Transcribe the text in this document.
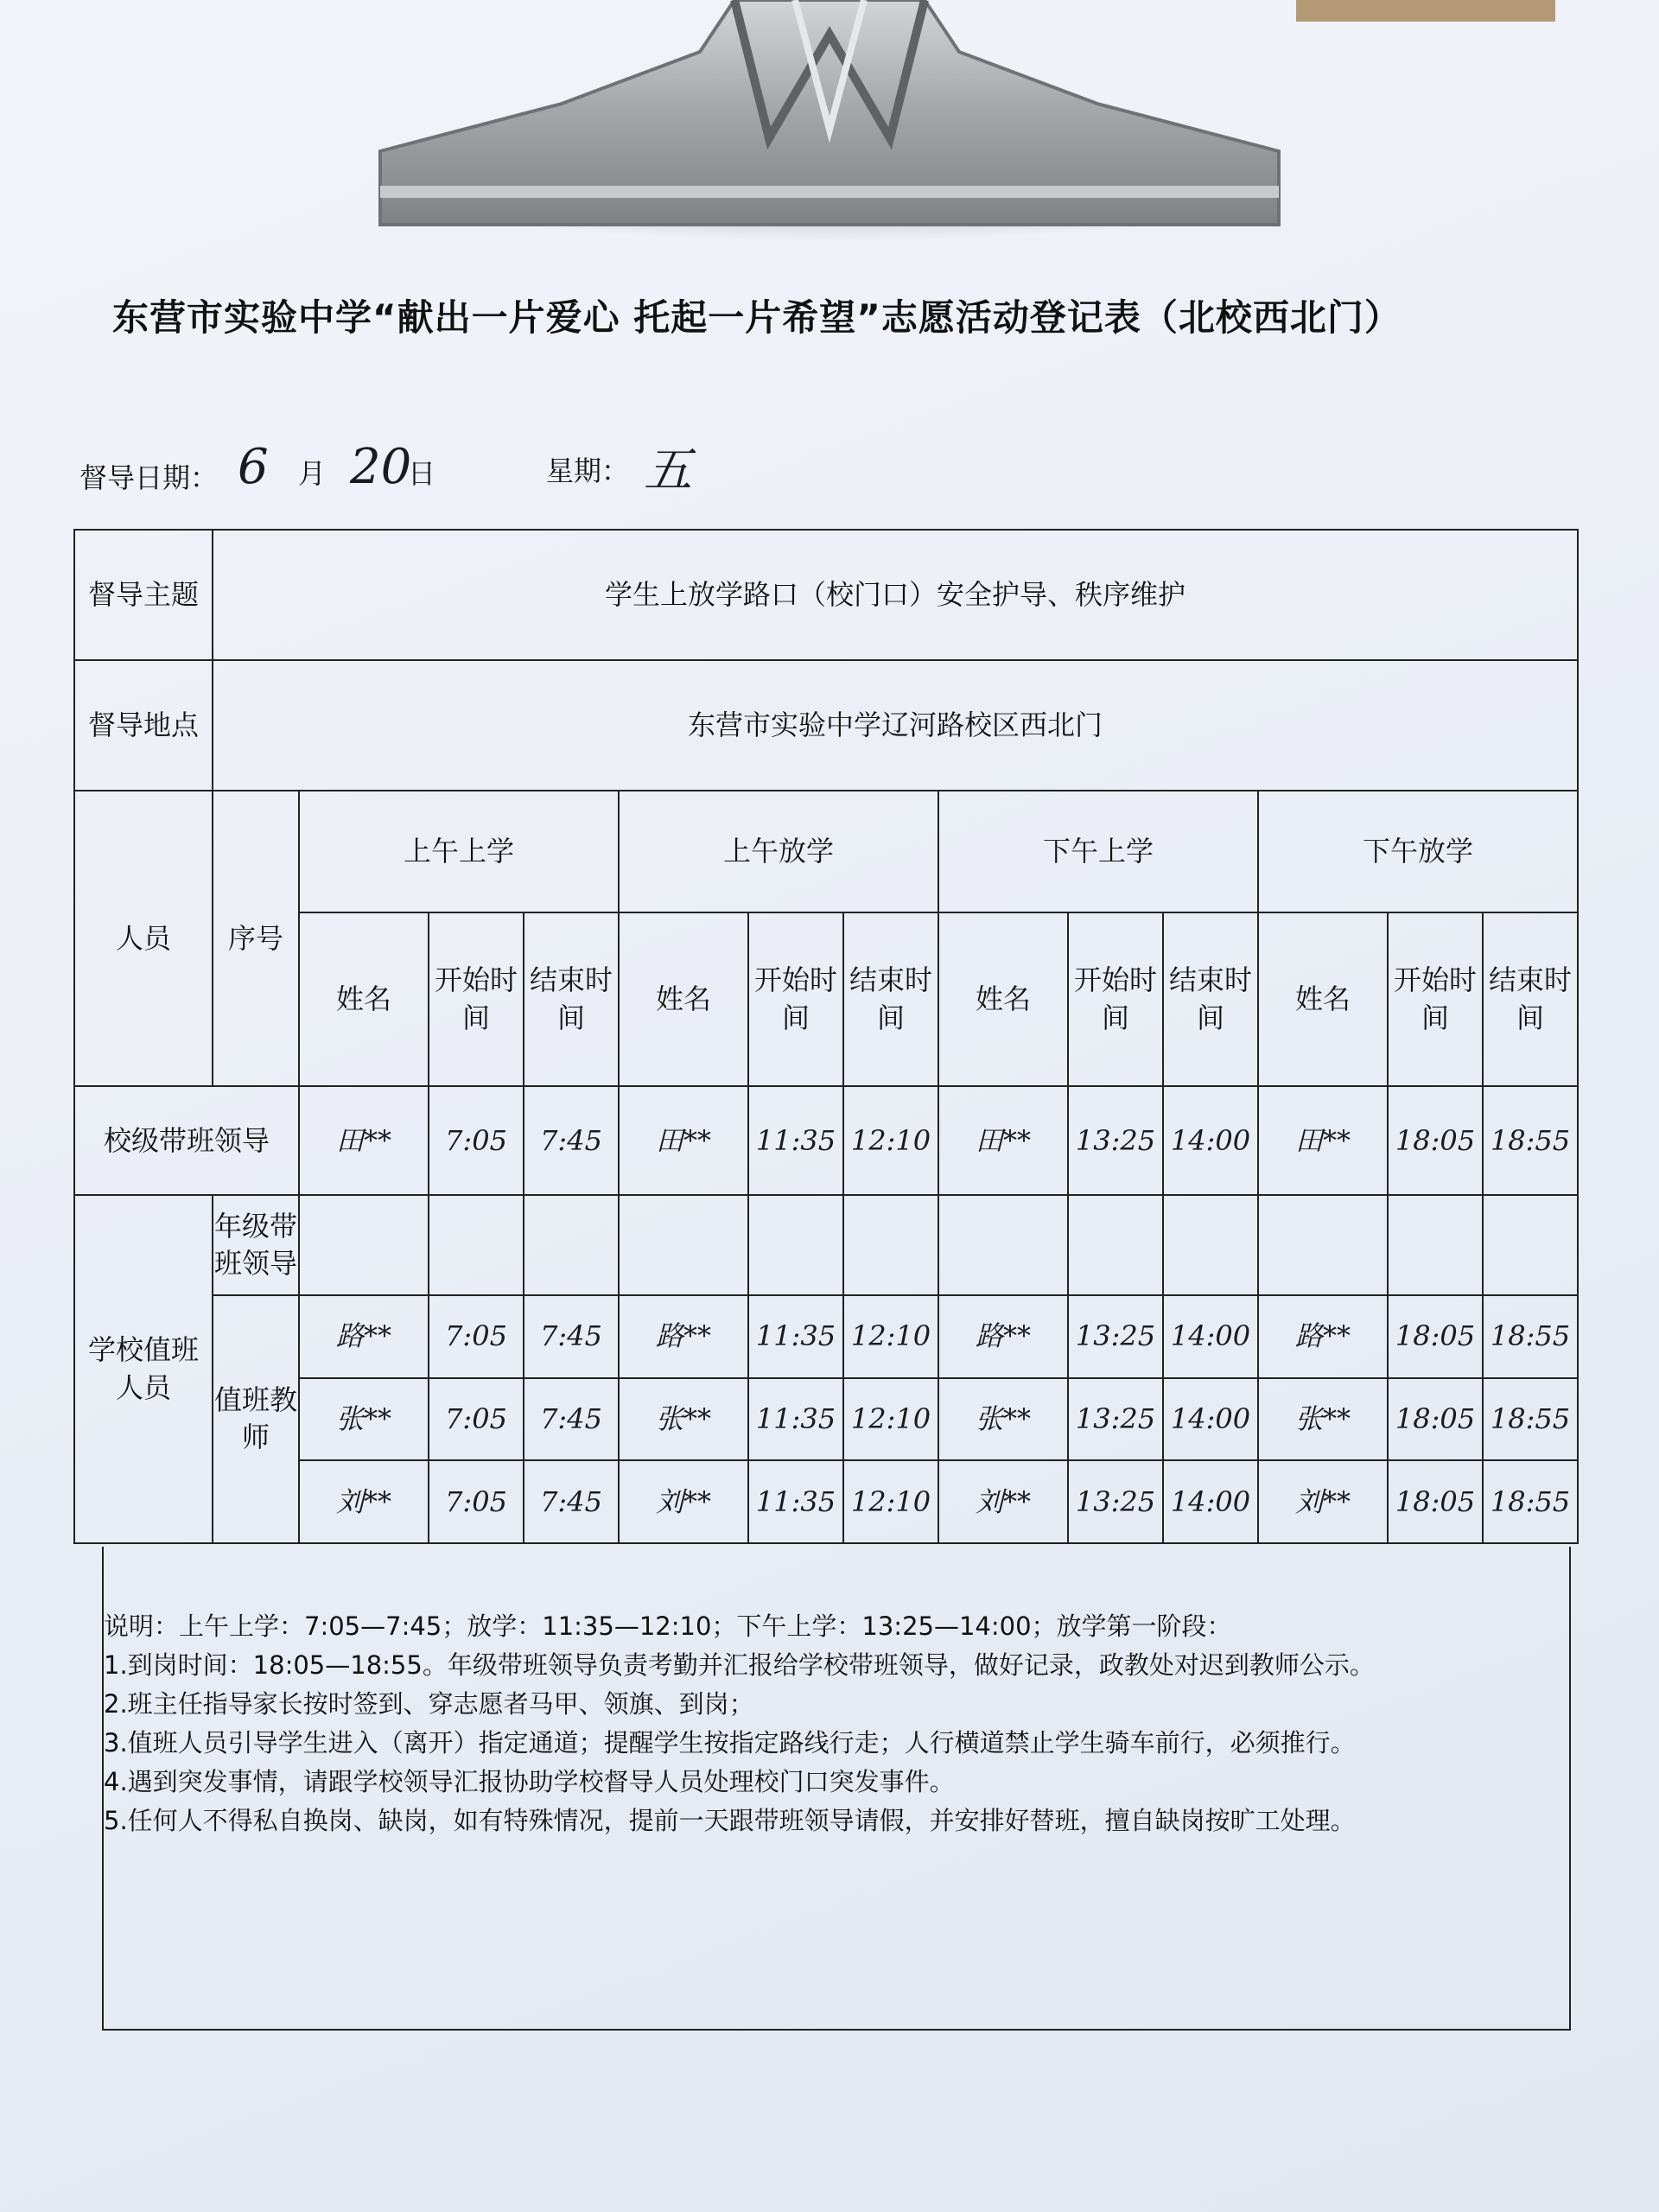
东营市实验中学“献出一片爱心 托起一片希望”志愿活动登记表（北校西北门）
督导日期： 6 月 20
日	星期： 五
督导主题	学生上放学路口（校门口）安全护导、秩序维护												
督导地点	东营市实验中学辽河路校区西北门												
人员	序号	上午上学			上午放学			下午上学			下午放学		
		姓名	开始时间	结束时间	姓名	开始时间	结束时间	姓名	开始时间	结束时间	姓名	开始时间	结束时间
校级带班领导		田**	7:05	7:45	田**	11:35	12:10	田**	13:25	14:00	田**	18:05	18:55
学校值班人员	年级带班领导												
	值班教师	路**	7:05	7:45	路**	11:35	12:10	路**	13:25	14:00	路**	18:05	18:55
		张**	7:05	7:45	张**	11:35	12:10	张**	13:25	14:00	张**	18:05	18:55
		刘**	7:05	7:45	刘**	11:35	12:10	刘**	13:25	14:00	刘**	18:05	18:55
说明：上午上学：7:05—7:45；放学：11:35—12:10；下午上学：13:25—14:00；放学第一阶段：
1.到岗时间：18:05—18:55。年级带班领导负责考勤并汇报给学校带班领导，做好记录，政教处对迟到教师公示。
2.班主任指导家长按时签到、穿志愿者马甲、领旗、到岗；
3.值班人员引导学生进入（离开）指定通道；提醒学生按指定路线行走；人行横道禁止学生骑车前行，必须推行。
4.遇到突发事情，请跟学校领导汇报协助学校督导人员处理校门口突发事件。
5.任何人不得私自换岗、缺岗，如有特殊情况，提前一天跟带班领导请假，并安排好替班，擅自缺岗按旷工处理。
